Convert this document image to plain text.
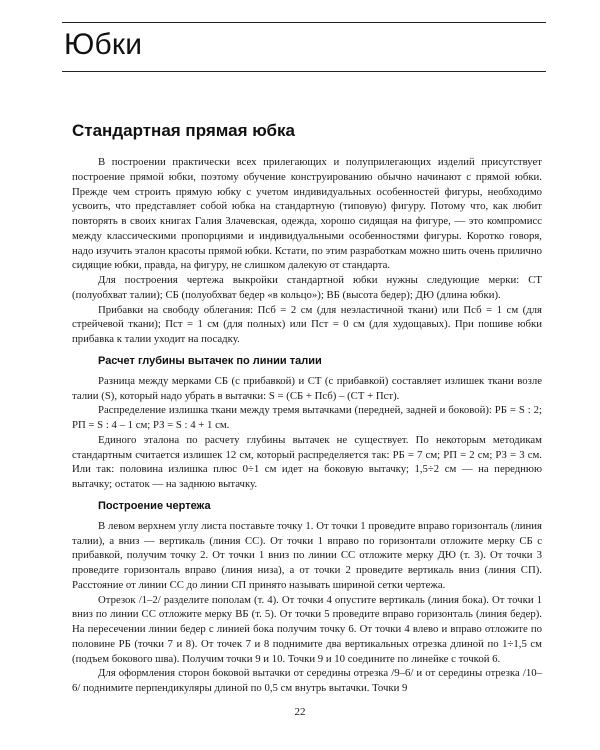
Юбки
Стандартная прямая юбка

В построении практически всех прилегающих и полуприлегающих изделий присутствует построение прямой юбки, поэтому обучение конструированию обычно начинают с прямой юбки. Прежде чем строить прямую юбку с учетом индивидуальных особенностей фигуры, необходимо усвоить, что представляет собой юбка на стандартную (типовую) фигуру. Потому что, как любит повторять в своих книгах Галия Злачевская, одежда, хорошо сидящая на фигуре, — это компромисс между классическими пропорциями и индивидуальными особенностями фигуры. Коротко говоря, надо изучить эталон красоты прямой юбки. Кстати, по этим разработкам можно шить очень прилично сидящие юбки, правда, на фигуру, не слишком далекую от стандарта.

Для построения чертежа выкройки стандартной юбки нужны следующие мерки: СТ (полуобхват талии); СБ (полуобхват бедер «в кольцо»); ВБ (высота бедер); ДЮ (длина юбки).

Прибавки на свободу облегания: Псб = 2 см (для неэластичной ткани) или Псб = 1 см (для стрейчевой ткани); Пст = 1 см (для полных) или Пст = 0 см (для худощавых). При пошиве юбки прибавка к талии уходит на посадку.

Расчет глубины вытачек по линии талии

Разница между мерками СБ (с прибавкой) и СТ (с прибавкой) составляет излишек ткани возле талии (S), который надо убрать в вытачки: S = (СБ + Псб) – (СТ + Пст).

Распределение излишка ткани между тремя вытачками (передней, задней и боковой): РБ = S : 2; РП = S : 4 – 1 см; РЗ = S : 4 + 1 см.

Единого эталона по расчету глубины вытачек не существует. По некоторым методикам стандартным считается излишек 12 см, который распределяется так: РБ = 7 см; РП = 2 см; РЗ = 3 см. Или так: половина излишка плюс 0÷1 см идет на боковую вытачку; 1,5÷2 см — на переднюю вытачку; остаток — на заднюю вытачку.

Построение чертежа

В левом верхнем углу листа поставьте точку 1. От точки 1 проведите вправо горизонталь (линия талии), а вниз — вертикаль (линия СС). От точки 1 вправо по горизонтали отложите мерку СБ с прибавкой, получим точку 2. От точки 1 вниз по линии СС отложите мерку ДЮ (т. 3). От точки 3 проведите горизонталь вправо (линия низа), а от точки 2 проведите вертикаль вниз (линия СП). Расстояние от линии СС до линии СП принято называть шириной сетки чертежа.

Отрезок /1–2/ разделите пополам (т. 4). От точки 4 опустите вертикаль (линия бока). От точки 1 вниз по линии СС отложите мерку ВБ (т. 5). От точки 5 проведите вправо горизонталь (линия бедер). На пересечении линии бедер с линией бока получим точку 6. От точки 4 влево и вправо отложите по половине РБ (точки 7 и 8). От точек 7 и 8 поднимите два вертикальных отрезка длиной по 1÷1,5 см (подъем бокового шва). Получим точки 9 и 10. Точки 9 и 10 соедините по линейке с точкой 6.

Для оформления сторон боковой вытачки от середины отрезка /9–6/ и от середины отрезка /10–6/ поднимите перпендикуляры длиной по 0,5 см внутрь вытачки. Точки 9

22
